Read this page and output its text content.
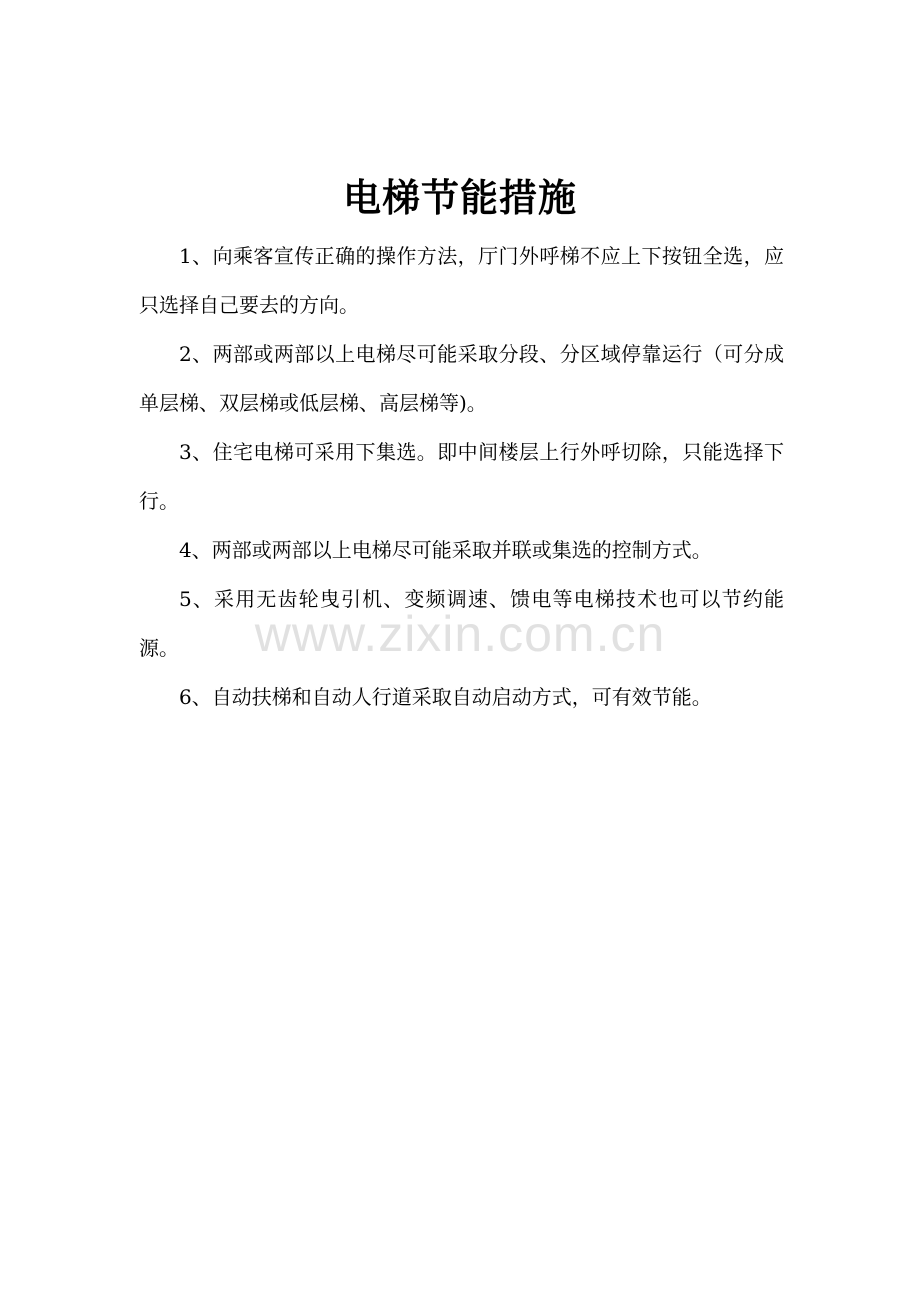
电梯节能措施

1、向乘客宣传正确的操作方法，厅门外呼梯不应上下按钮全选，应只选择自己要去的方向。

2、两部或两部以上电梯尽可能采取分段、分区域停靠运行（可分成单层梯、双层梯或低层梯、高层梯等)。

3、住宅电梯可采用下集选。即中间楼层上行外呼切除，只能选择下行。

4、两部或两部以上电梯尽可能采取并联或集选的控制方式。

5、采用无齿轮曳引机、变频调速、馈电等电梯技术也可以节约能源。

6、自动扶梯和自动人行道采取自动启动方式，可有效节能。

www.zixin.com.cn
